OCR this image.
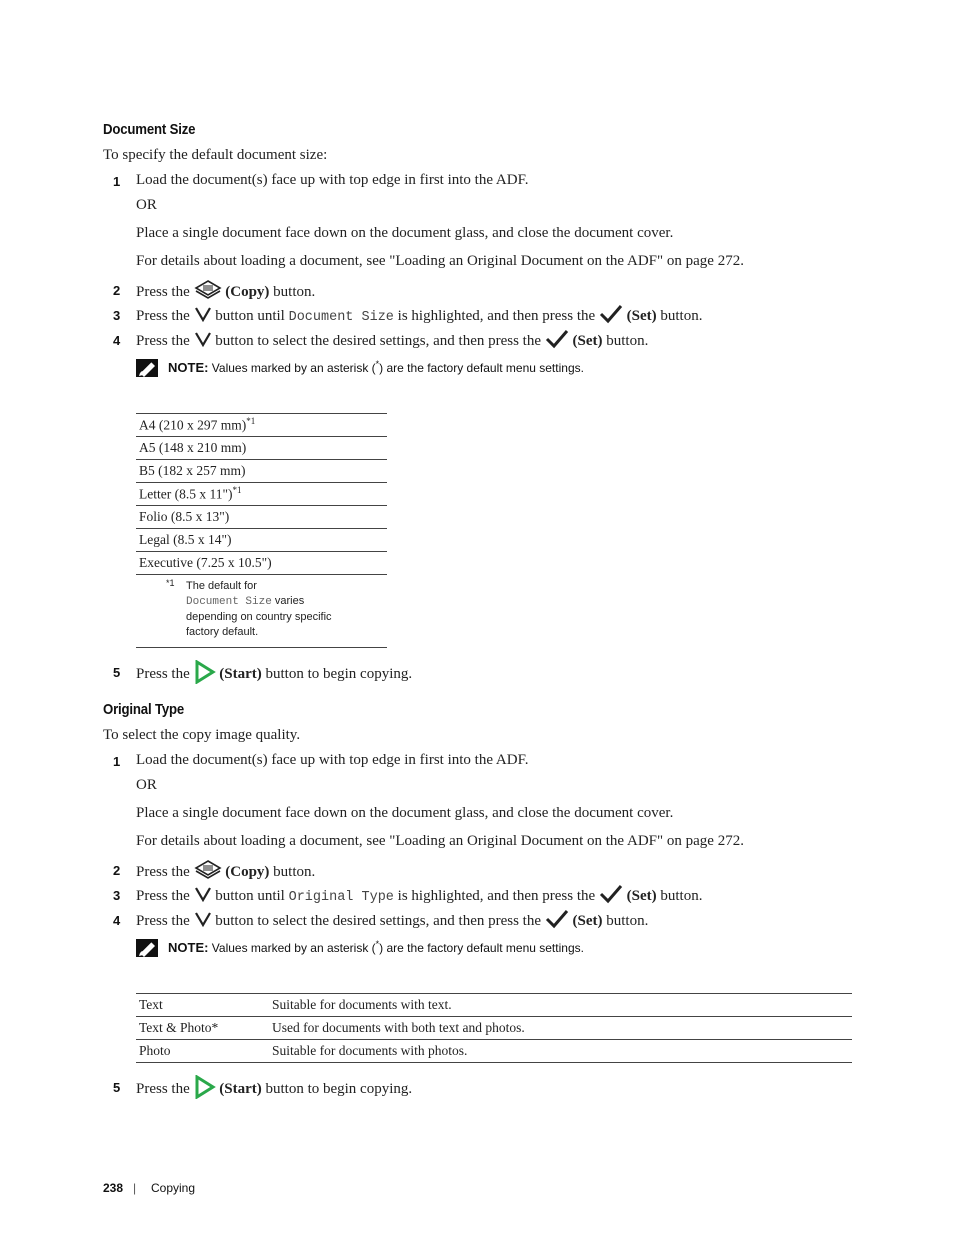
Document Size
To specify the default document size:
1 Load the document(s) face up with top edge in first into the ADF.
OR
Place a single document face down on the document glass, and close the document cover.
For details about loading a document, see "Loading an Original Document on the ADF" on page 272.
2 Press the (Copy) button.
3 Press the button until Document Size is highlighted, and then press the (Set) button.
4 Press the button to select the desired settings, and then press the (Set) button.
NOTE: Values marked by an asterisk (*) are the factory default menu settings.
A4 (210 x 297 mm)$^{*1}$
A5 (148 x 210 mm)
B5 (182 x 257 mm)
Letter (8.5 x 11")$^{*1}$
Folio (8.5 x 13")
Legal (8.5 x 14")
Executive (7.25 x 10.5")

*1 The default for
Document Size varies
depending on country specific
factory default.
5 Press the (Start) button to begin copying.
Original Type
To select the copy image quality.
1 Load the document(s) face up with top edge in first into the ADF.
OR
Place a single document face down on the document glass, and close the document cover.
For details about loading a document, see "Loading an Original Document on the ADF" on page 272.
2 Press the (Copy) button.
3 Press the button until Original Type is highlighted, and then press the (Set) button.
4 Press the button to select the desired settings, and then press the (Set) button.
NOTE: Values marked by an asterisk (*) are the factory default menu settings.
Text	Suitable for documents with text.
Text & Photo*	Used for documents with both text and photos.
Photo	Suitable for documents with photos.
5 Press the (Start) button to begin copying.
238 | Copying
